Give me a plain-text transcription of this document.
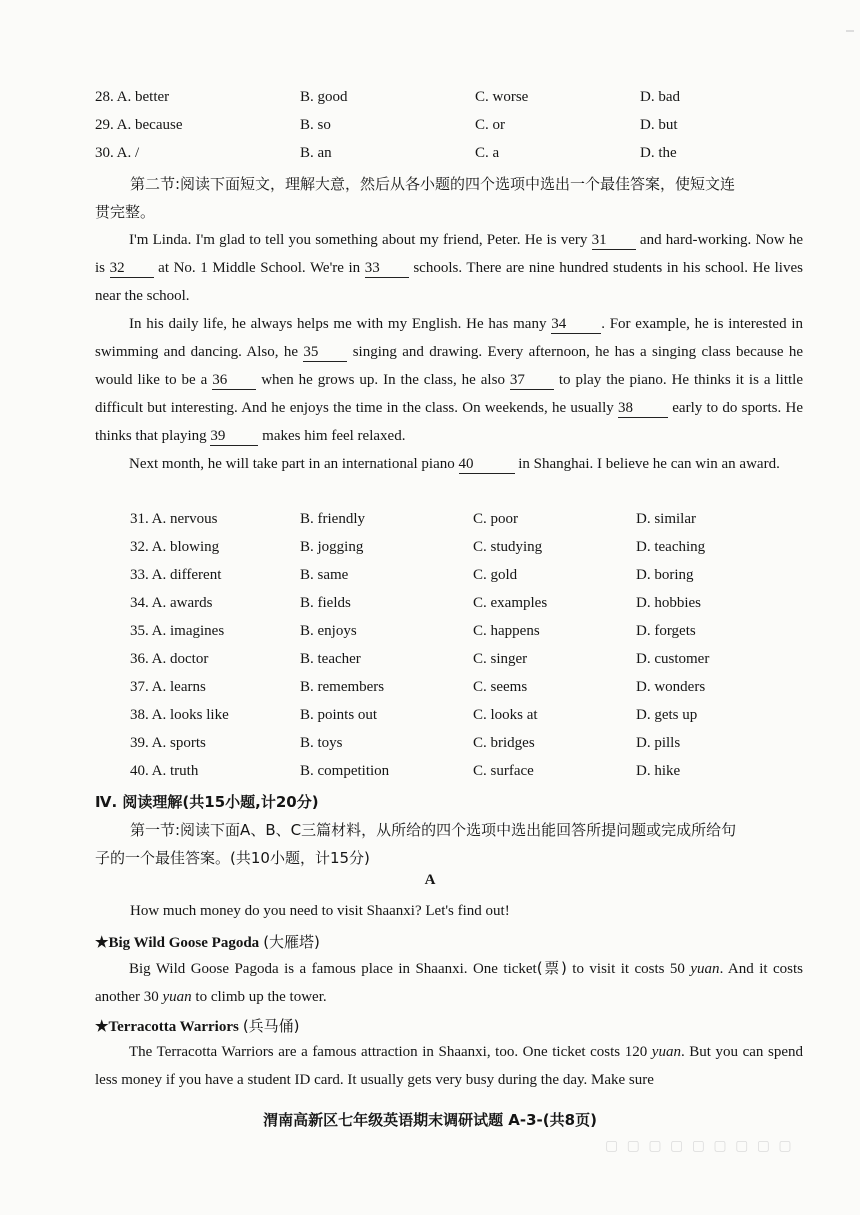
28. A. better	B. good	C. worse	D. bad
29. A. because	B. so	C. or	D. but
30. A. /	B. an	C. a	D. the
第二节:阅读下面短文，理解大意，然后从各小题的四个选项中选出一个最佳答案，使短文连
贯完整。
I'm Linda. I'm glad to tell you something about my friend, Peter. He is very 31 and hard-working. Now he is 32 at No. 1 Middle School. We're in 33 schools. There are nine hundred students in his school. He lives near the school.
In his daily life, he always helps me with my English. He has many 34 . For example, he is interested in swimming and dancing. Also, he 35 singing and drawing. Every afternoon, he has a singing class because he would like to be a 36 when he grows up. In the class, he also 37 to play the piano. He thinks it is a little difficult but interesting. And he enjoys the time in the class. On weekends, he usually 38 early to do sports. He thinks that playing 39 makes him feel relaxed.
Next month, he will take part in an international piano 40	in Shanghai. I believe he can win an award.
31. A. nervous	B. friendly	C. poor	D. similar
32. A. blowing	B. jogging	C. studying	D. teaching
33. A. different	B. same	C. gold	D. boring
34. A. awards	B. fields	C. examples	D. hobbies
35. A. imagines	B. enjoys	C. happens	D. forgets
36. A. doctor	B. teacher	C. singer	D. customer
37. A. learns	B. remembers	C. seems	D. wonders
38. A. looks like	B. points out	C. looks at	D. gets up
39. A. sports	B. toys	C. bridges	D. pills
40. A. truth	B. competition	C. surface	D. hike
Ⅳ. 阅读理解(共15小题,计20分)
第一节:阅读下面A、B、C三篇材料，从所给的四个选项中选出能回答所提问题或完成所给句
子的一个最佳答案。(共10小题，计15分)
A
How much money do you need to visit Shaanxi? Let's find out!
★Big Wild Goose Pagoda (大雁塔)
Big Wild Goose Pagoda is a famous place in Shaanxi. One ticket(票) to visit it costs 50 yuan. And it costs another 30 yuan to climb up the tower.
★Terracotta Warriors (兵马俑)
The Terracotta Warriors are a famous attraction in Shaanxi, too. One ticket costs 120 yuan. But you can spend less money if you have a student ID card. It usually gets very busy during the day. Make sure
渭南高新区七年级英语期末调研试题 A-3-(共8页)
▢ ▢ ▢ ▢ ▢ ▢ ▢ ▢ ▢
